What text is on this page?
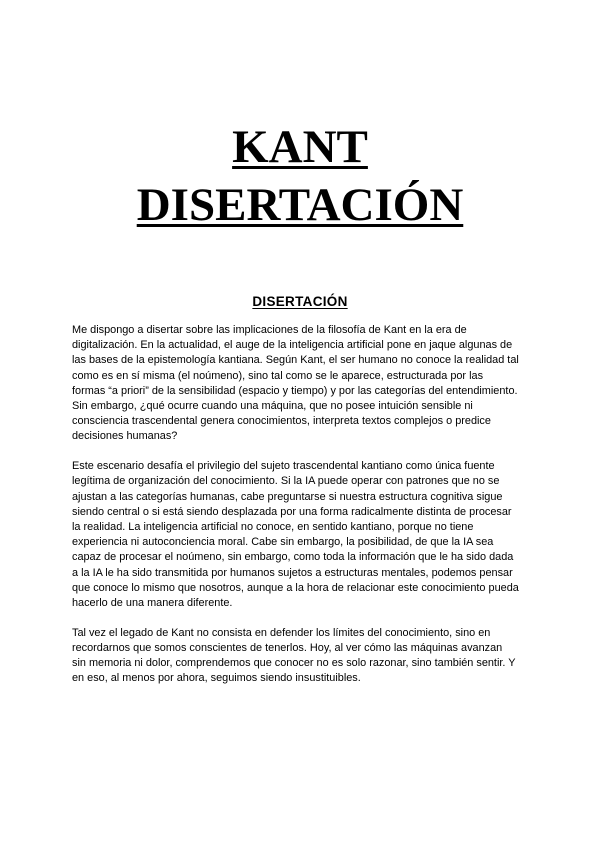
KANT
DISERTACIÓN
DISERTACIÓN

Me dispongo a disertar sobre las implicaciones de la filosofía de Kant en la era de
digitalización. En la actualidad, el auge de la inteligencia artificial pone en jaque algunas de
las bases de la epistemología kantiana. Según Kant, el ser humano no conoce la realidad tal
como es en sí misma (el noúmeno), sino tal como se le aparece, estructurada por las
formas “a priori” de la sensibilidad (espacio y tiempo) y por las categorías del entendimiento.
Sin embargo, ¿qué ocurre cuando una máquina, que no posee intuición sensible ni
consciencia trascendental genera conocimientos, interpreta textos complejos o predice
decisiones humanas?

Este escenario desafía el privilegio del sujeto trascendental kantiano como única fuente
legítima de organización del conocimiento. Si la IA puede operar con patrones que no se
ajustan a las categorías humanas, cabe preguntarse si nuestra estructura cognitiva sigue
siendo central o si está siendo desplazada por una forma radicalmente distinta de procesar
la realidad. La inteligencia artificial no conoce, en sentido kantiano, porque no tiene
experiencia ni autoconciencia moral. Cabe sin embargo, la posibilidad, de que la IA sea
capaz de procesar el noúmeno, sin embargo, como toda la información que le ha sido dada
a la IA le ha sido transmitida por humanos sujetos a estructuras mentales, podemos pensar
que conoce lo mismo que nosotros, aunque a la hora de relacionar este conocimiento pueda
hacerlo de una manera diferente.

Tal vez el legado de Kant no consista en defender los límites del conocimiento, sino en
recordarnos que somos conscientes de tenerlos. Hoy, al ver cómo las máquinas avanzan
sin memoria ni dolor, comprendemos que conocer no es solo razonar, sino también sentir. Y
en eso, al menos por ahora, seguimos siendo insustituibles.
